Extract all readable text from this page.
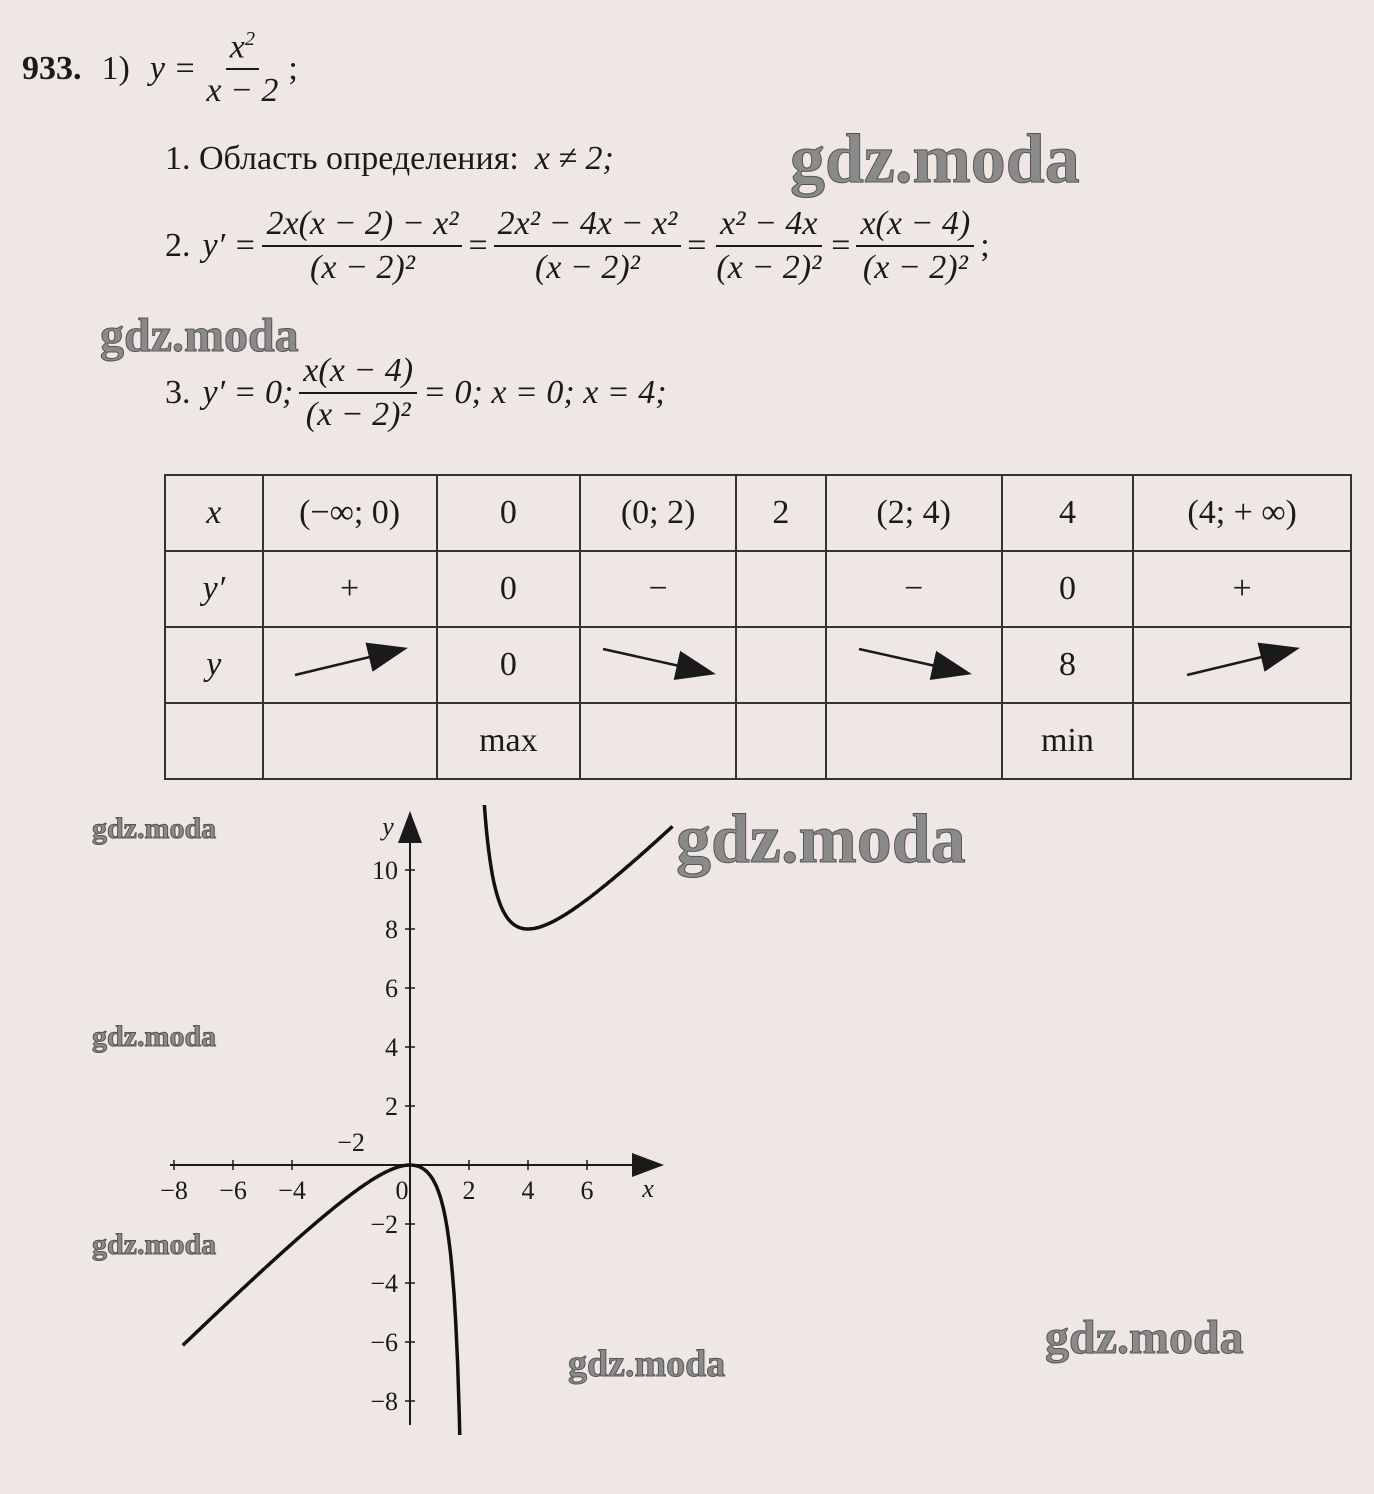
933. 1) $y = \frac{x^2}{x - 2}$ ;
1. Область определения: x ≠ 2;
2. $y' = \frac{\text{2x(x − 2) − x²}}{\text{(x − 2)²}} = \frac{\text{2x² − 4x − x²}}{\text{(x − 2)²}} = \frac{\text{x² − 4x}}{\text{(x − 2)²}} = \frac{x(x - 4)}{\text{(x − 2)²}}$ ;
3. y′ = 0; $\frac{x(x - 4)}{\text{(x − 2)²}} = 0$; x = 0; x = 4;
x	(−∞; 0)	0	(0; 2)	2	(2; 4)	4	(4; + ∞)
y′	+	0	−		−	0	+
y		0				8	
		max				min	
y
x
10
8
6
4
2
−2
−4
−6
−8
−8 −6 −4	0 2 4 6
−2
gdz.moda
gdz.moda
gdz.moda
gdz.moda
gdz.moda
gdz.moda
gdz.moda	gdz.moda
